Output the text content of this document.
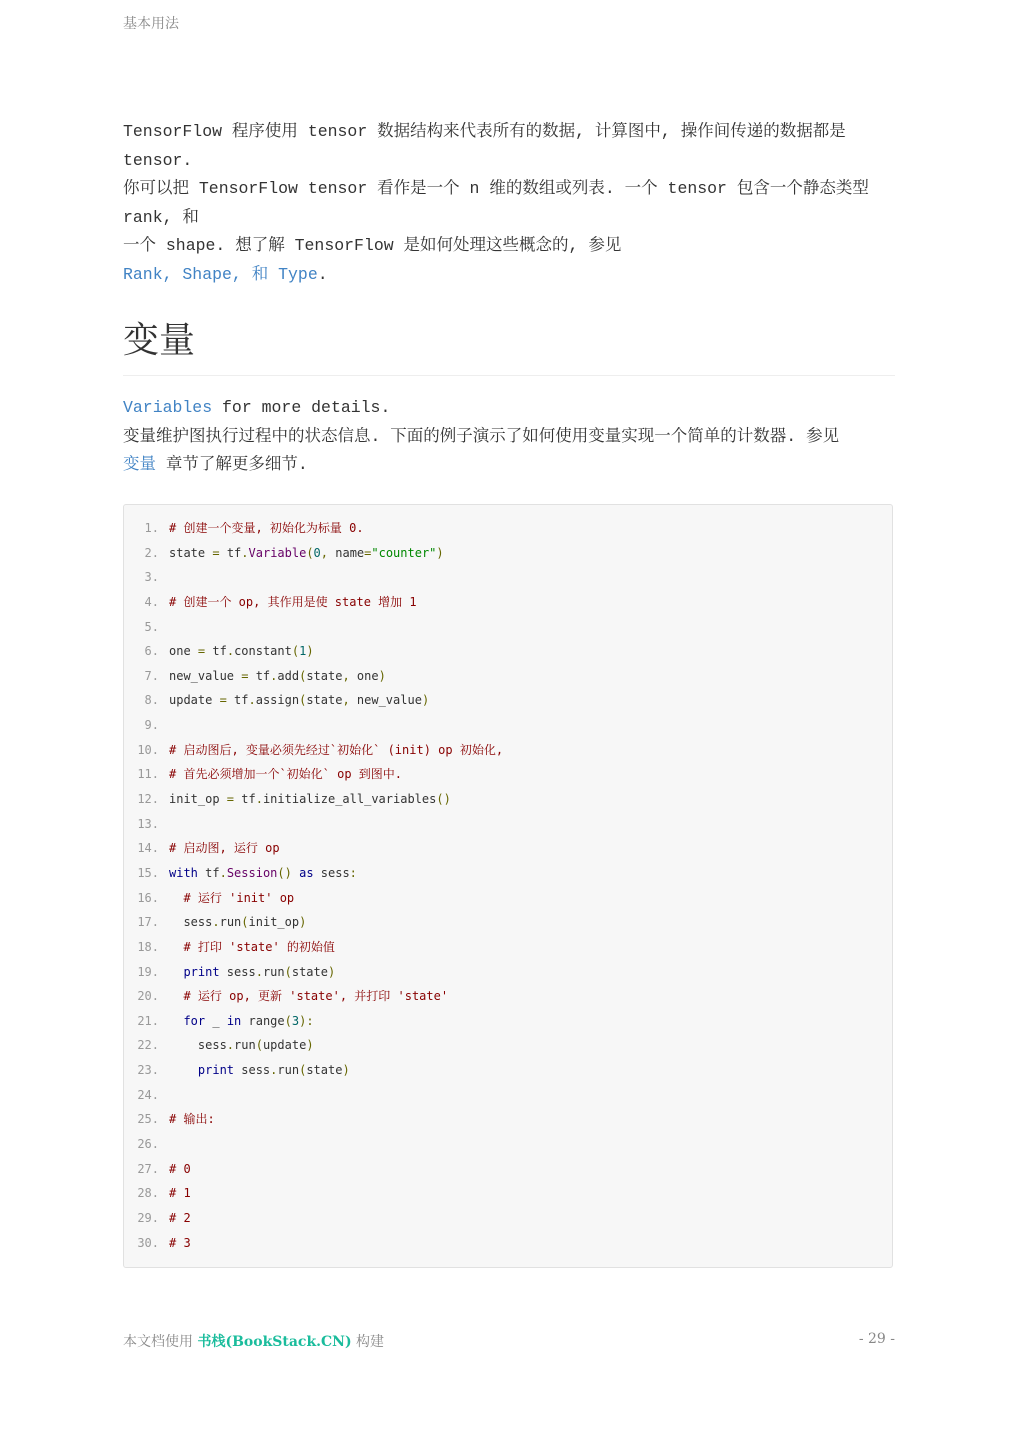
基本用法

TensorFlow 程序使用 tensor 数据结构来代表所有的数据, 计算图中, 操作间传递的数据都是 tensor.
你可以把 TensorFlow tensor 看作是一个 n 维的数组或列表. 一个 tensor 包含一个静态类型 rank, 和
一个 shape. 想了解 TensorFlow 是如何处理这些概念的, 参见
Rank, Shape, 和 Type.

变量

Variables for more details.
变量维护图执行过程中的状态信息. 下面的例子演示了如何使用变量实现一个简单的计数器. 参见
变量 章节了解更多细节.

1. # 创建一个变量, 初始化为标量 0.
2. state = tf.Variable(0, name="counter")
3.
4. # 创建一个 op, 其作用是使 state 增加 1
5.
6. one = tf.constant(1)
7. new_value = tf.add(state, one)
8. update = tf.assign(state, new_value)
9.
10. # 启动图后, 变量必须先经过`初始化` (init) op 初始化,
11. # 首先必须增加一个`初始化` op 到图中.
12. init_op = tf.initialize_all_variables()
13.
14. # 启动图, 运行 op
15. with tf.Session() as sess:
16. # 运行 'init' op
17.  sess.run(init_op)
18. # 打印 'state' 的初始值
19. print sess.run(state)
20. # 运行 op, 更新 'state', 并打印 'state'
21. for _ in range(3):
22.    sess.run(update)
23.	print sess.run(state)
24.
25. # 输出:
26.
27. # 0
28. # 1
29. # 2
30. # 3
本文档使用 书栈(BookStack.CN) 构建	- 29 -
